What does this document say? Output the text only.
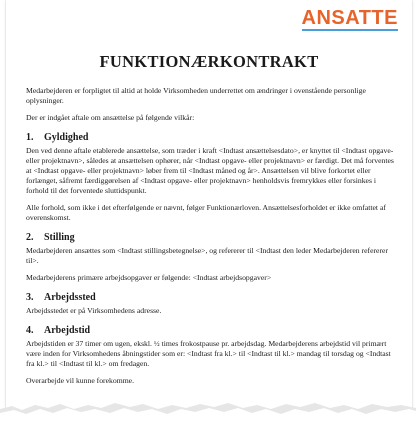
ANSATTE
FUNKTIONÆRKONTRAKT

Medarbejderen er forpligtet til altid at holde Virksomheden underrettet om ændringer i ovenstående personlige oplysninger.

Der er indgået aftale om ansættelse på følgende vilkår:

1. Gyldighed

Den ved denne aftale etablerede ansættelse, som træder i kraft <Indtast ansættelsesdato>, er knyttet til <Indtast opgave- eller projektnavn>, således at ansættelsen ophører, når <Indtast opgave- eller projektnavn> er færdigt. Det må forventes at <Indtast opgave- eller projektnavn> løber frem til <Indtast måned og år>. Ansættelsen vil blive forkortet eller forlænget, såfremt færdiggørelsen af <Indtast opgave- eller projektnavn> henholdsvis fremrykkes eller forsinkes i forhold til det forventede sluttidspunkt.

Alle forhold, som ikke i det efterfølgende er nævnt, følger Funktionærloven. Ansættelsesforholdet er ikke omfattet af overenskomst.

2. Stilling

Medarbejderen ansættes som <Indtast stillingsbetegnelse>, og refererer til <Indtast den leder Medarbejderen refererer til>.

Medarbejderens primære arbejdsopgaver er følgende: <Indtast arbejdsopgaver>

3. Arbejdssted

Arbejdsstedet er på Virksomhedens adresse.

4. Arbejdstid

Arbejdstiden er 37 timer om ugen, ekskl. ½ times frokostpause pr. arbejdsdag. Medarbejderens arbejdstid vil primært være inden for Virksomhedens åbningstider som er: <Indtast fra kl.> til <Indtast til kl.> mandag til torsdag og <Indtast fra kl.> til <Indtast til kl.> om fredagen.

Overarbejde vil kunne forekomme.
